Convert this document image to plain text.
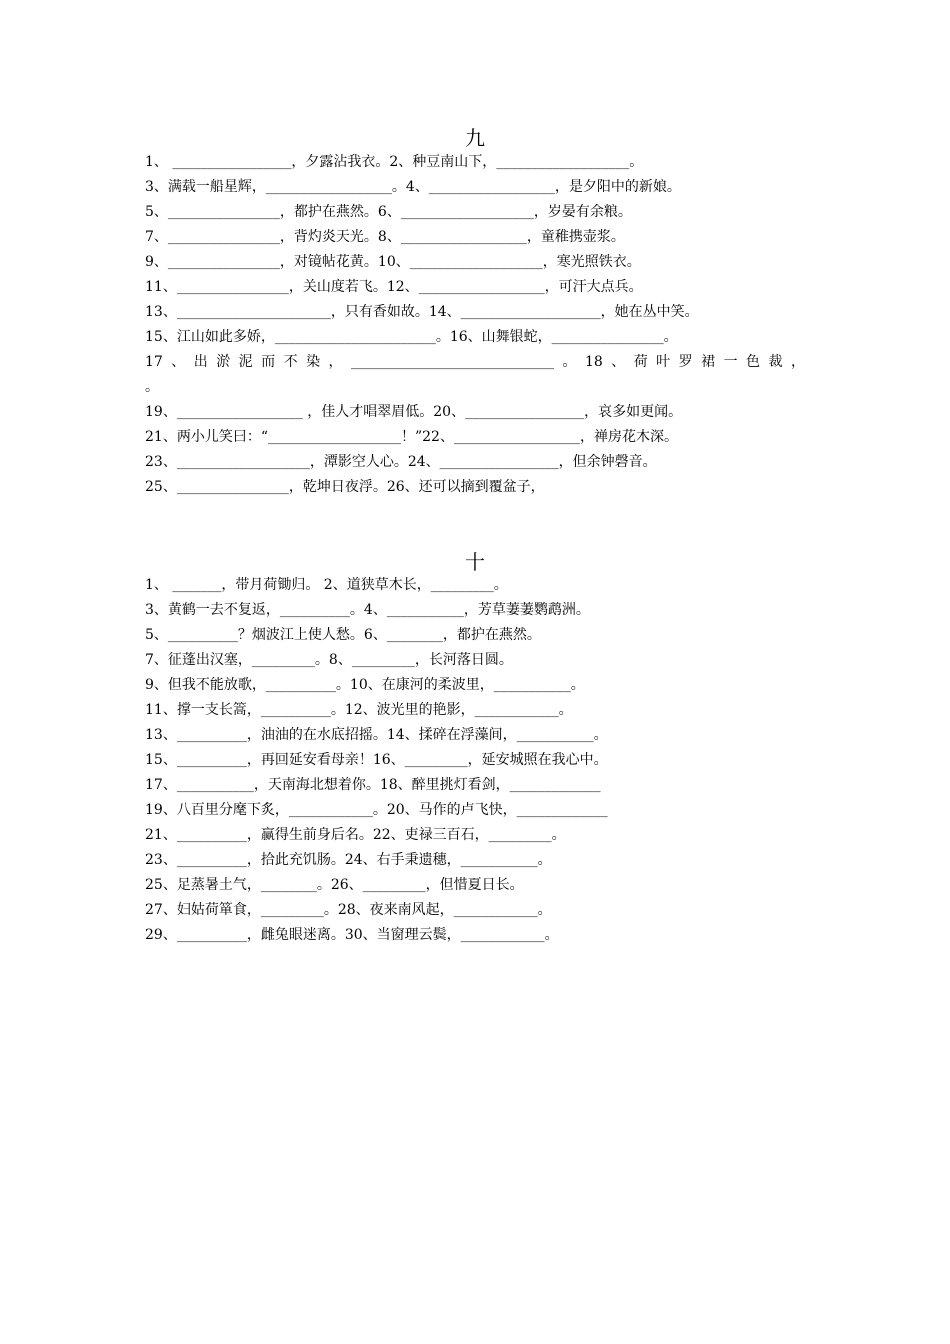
九
1、 _________________，夕露沾我衣。2、种豆南山下，___________________。
3、满载一船星辉，__________________。4、__________________，是夕阳中的新娘。
5、________________，都护在燕然。6、___________________，岁晏有余粮。
7、________________，背灼炎天光。8、__________________，童稚携壶浆。
9、________________，对镜帖花黄。10、___________________，寒光照铁衣。
11、________________，关山度若飞。12、__________________，可汗大点兵。
13、______________________，只有香如故。14、____________________，她在丛中笑。
15、江山如此多娇，_______________________。16、山舞银蛇，________________。
17、出淤泥而不染，_____________________________。18、荷叶罗裙一色裁，
。
19、__________________ ，佳人才唱翠眉低。20、_________________，哀多如更闻。
21、两小儿笑曰：“___________________！”22、__________________，禅房花木深。
23、___________________，潭影空人心。24、_________________，但余钟磬音。
25、________________，乾坤日夜浮。26、还可以摘到覆盆子，
十
1、 _______，带月荷锄归。 2、道狭草木长，_________。
3、黄鹤一去不复返，__________。4、___________，芳草萋萋鹦鹉洲。
5、__________？烟波江上使人愁。6、________，都护在燕然。
7、征蓬出汉塞，_________。8、_________，长河落日圆。
9、但我不能放歌，__________。10、在康河的柔波里，___________。
11、撑一支长篙，__________。12、波光里的艳影，____________。
13、__________，油油的在水底招摇。14、揉碎在浮藻间，___________。
15、__________，再回延安看母亲！16、_________，延安城照在我心中。
17、___________，天南海北想着你。18、醉里挑灯看剑，_____________
19、八百里分麾下炙，____________。20、马作的卢飞快，_____________
21、__________，赢得生前身后名。22、吏禄三百石，_________。
23、__________，拾此充饥肠。24、右手秉遗穗，___________。
25、足蒸暑土气，________。26、_________，但惜夏日长。
27、妇姑荷箪食，_________。28、夜来南风起，____________。
29、__________，雌兔眼迷离。30、当窗理云鬓，____________。
